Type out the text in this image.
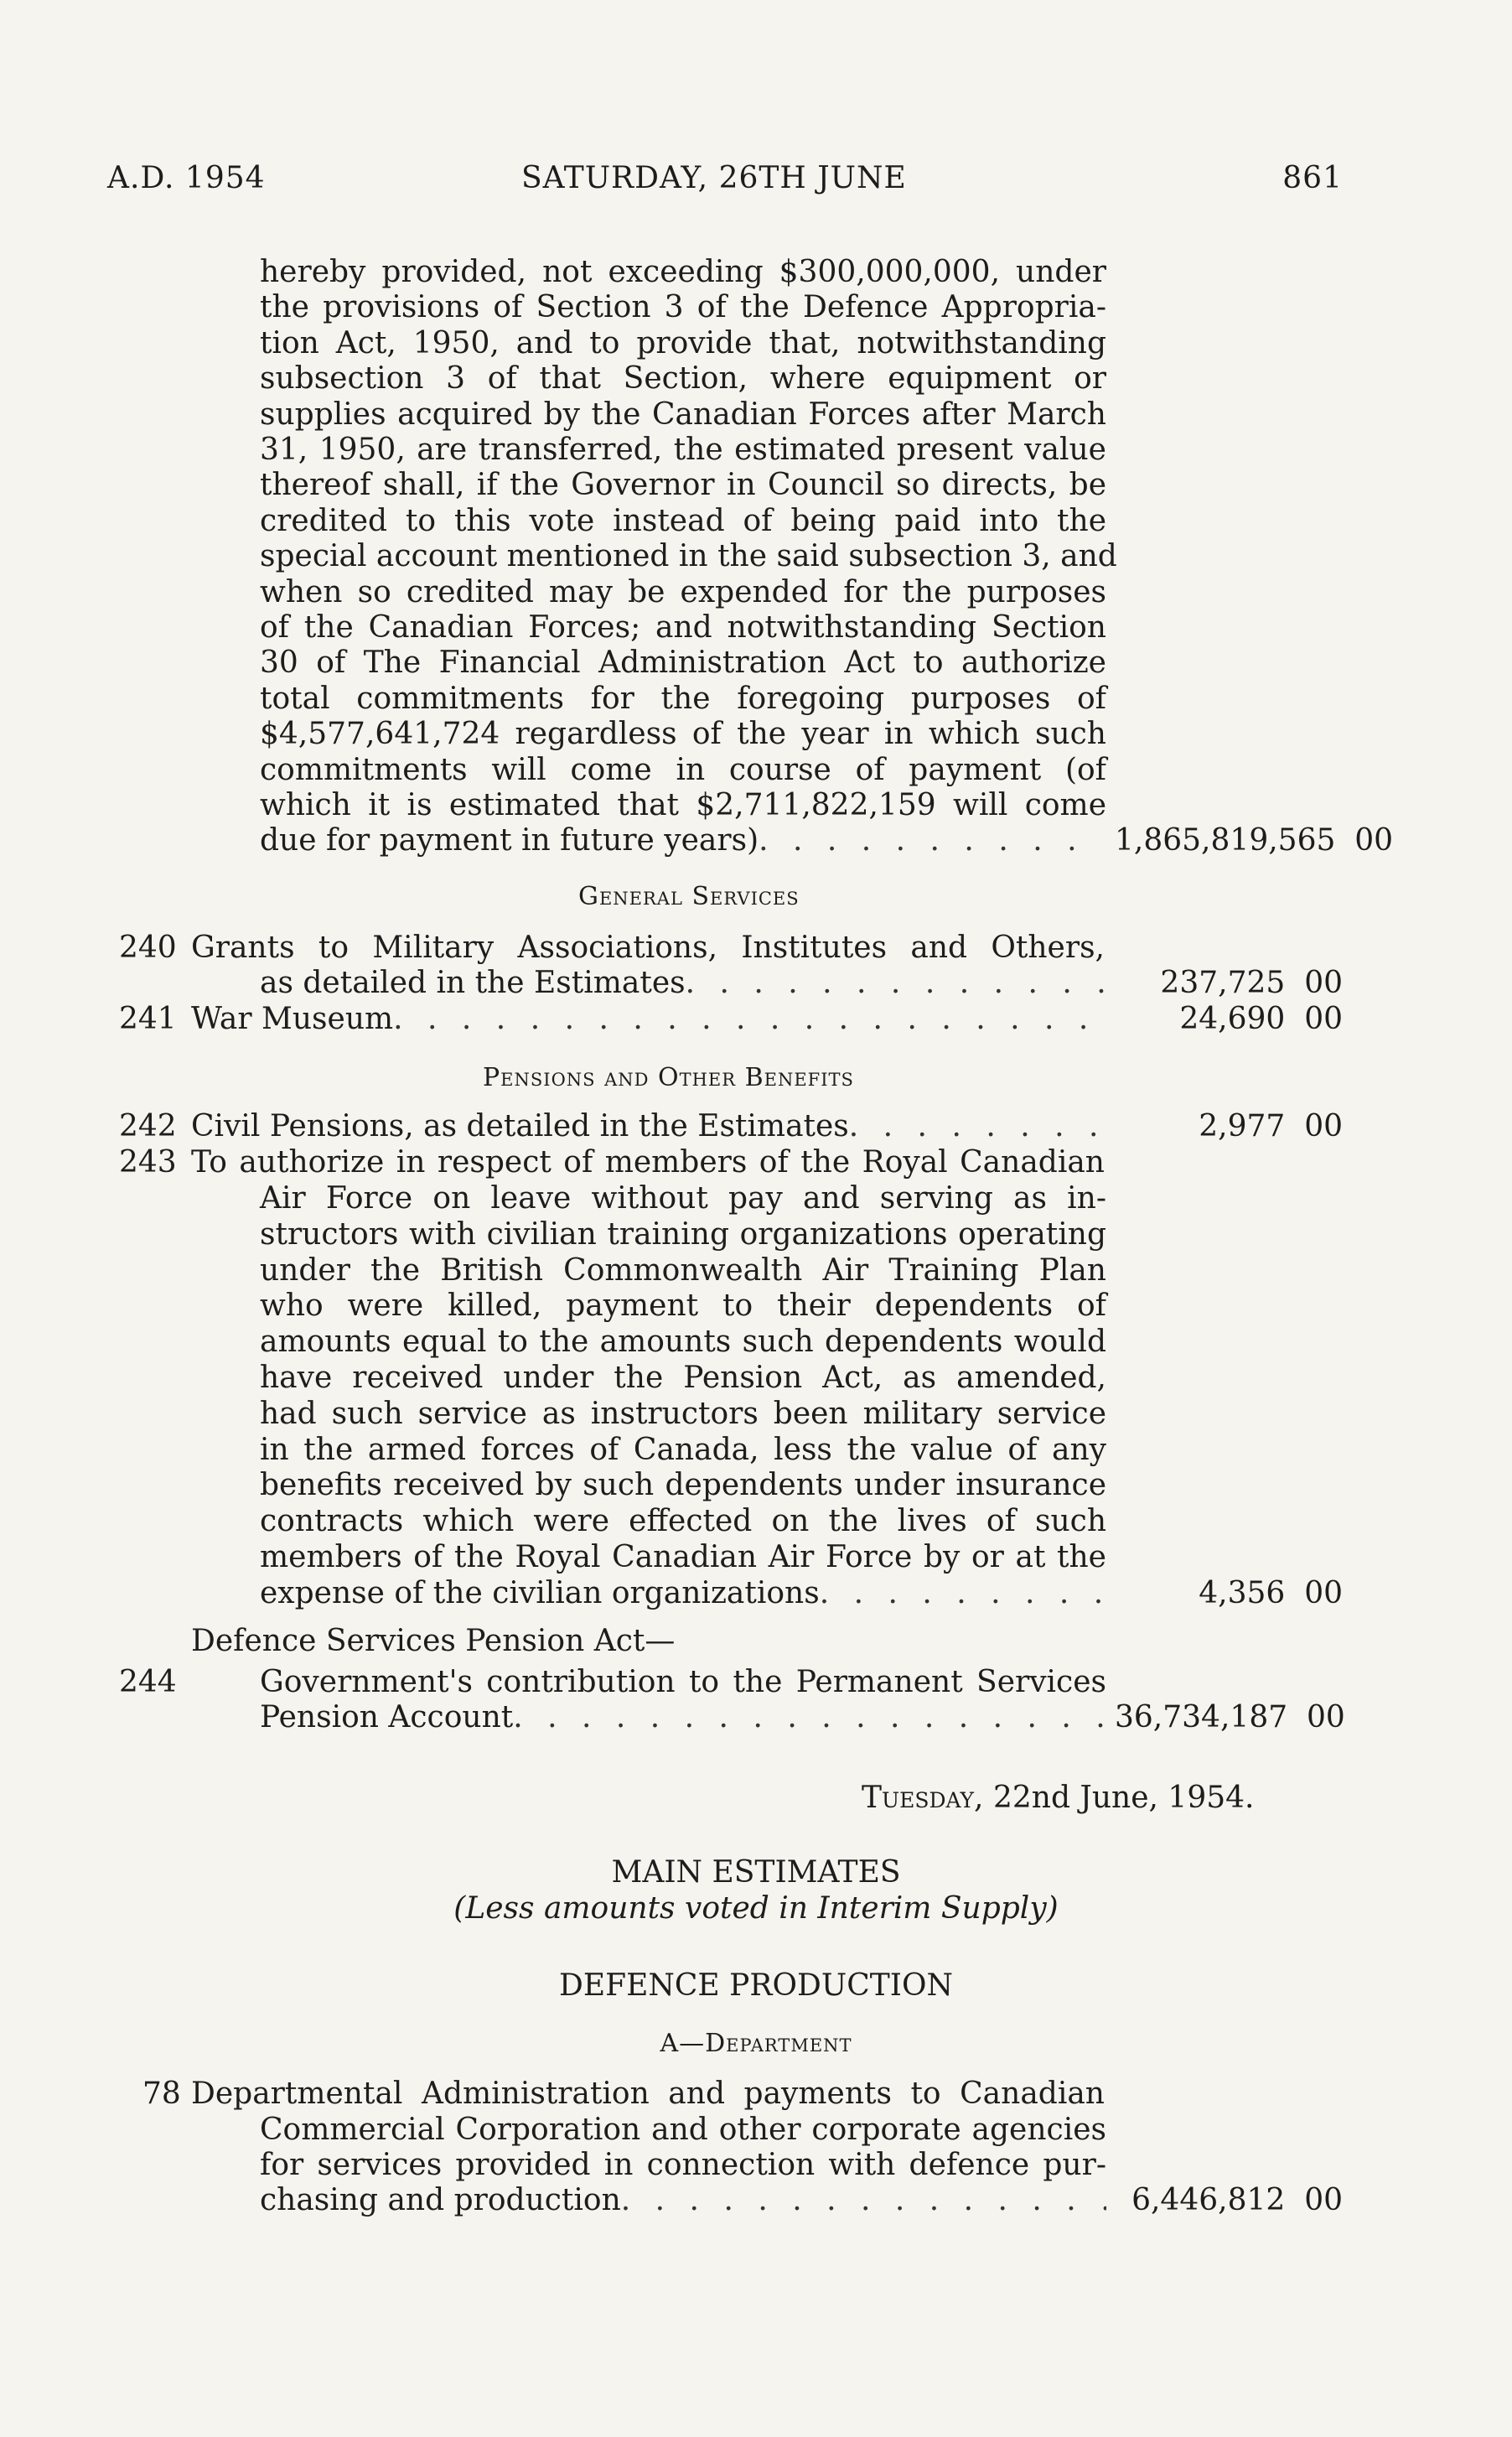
A.D. 1954	SATURDAY, 26TH JUNE	861
hereby provided, not exceeding $300,000,000, under
the provisions of Section 3 of the Defence Appropria-
tion Act, 1950, and to provide that, notwithstanding
subsection 3 of that Section, where equipment or
supplies acquired by the Canadian Forces after March
31, 1950, are transferred, the estimated present value
thereof shall, if the Governor in Council so directs, be
credited to this vote instead of being paid into the
special account mentioned in the said subsection 3, and
when so credited may be expended for the purposes
of the Canadian Forces; and notwithstanding Section
30 of The Financial Administration Act to authorize
total commitments for the foregoing purposes of
$4,577,641,724 regardless of the year in which such
commitments will come in course of payment (of
which it is estimated that $2,711,822,159 will come
due for payment in future years) . . .	1,865,819,565 00
General Services
240 Grants to Military Associations, Institutes and Others,
as detailed in the Estimates . . .	237,725 00
241 War Museum . . .	24,690 00
Pensions and Other Benefits
242 Civil Pensions, as detailed in the Estimates . . .	2,977 00
243 To authorize in respect of members of the Royal Canadian
Air Force on leave without pay and serving as in-
structors with civilian training organizations operating
under the British Commonwealth Air Training Plan
who were killed, payment to their dependents of
amounts equal to the amounts such dependents would
have received under the Pension Act, as amended,
had such service as instructors been military service
in the armed forces of Canada, less the value of any
benefits received by such dependents under insurance
contracts which were effected on the lives of such
members of the Royal Canadian Air Force by or at the
expense of the civilian organizations . . .	4,356 00
Defence Services Pension Act—
244	Government's contribution to the Permanent Services
Pension Account . . .	36,734,187 00
Tuesday, 22nd June, 1954.
MAIN ESTIMATES
(Less amounts voted in Interim Supply)
DEFENCE PRODUCTION
A—Department
78 Departmental Administration and payments to Canadian
Commercial Corporation and other corporate agencies
for services provided in connection with defence pur-
chasing and production . . .	6,446,812 00
